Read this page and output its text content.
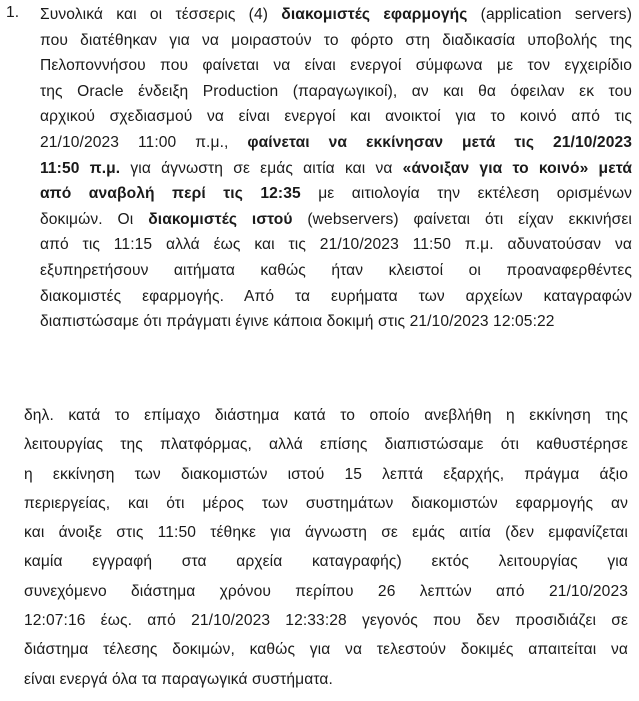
1. Συνολικά και οι τέσσερις (4) διακομιστές εφαρμογής (application servers)
που διατέθηκαν για να μοιραστούν το φόρτο στη διαδικασία υποβολής της
Πελοποννήσου που φαίνεται να είναι ενεργοί σύμφωνα με τον εγχειρίδιο
της Oracle ένδειξη Production (παραγωγικοί), αν και θα όφειλαν εκ του
αρχικού σχεδιασμού να είναι ενεργοί και ανοικτοί για το κοινό από τις
21/10/2023 11:00 π.μ., φαίνεται να εκκίνησαν μετά τις 21/10/2023
11:50 π.μ. για άγνωστη σε εμάς αιτία και να «άνοιξαν για το κοινό» μετά
από αναβολή περί τις 12:35 με αιτιολογία την εκτέλεση ορισμένων
δοκιμών. Οι διακομιστές ιστού (webservers) φαίνεται ότι είχαν εκκινήσει
από τις 11:15 αλλά έως και τις 21/10/2023 11:50 π.μ. αδυνατούσαν να
εξυπηρετήσουν αιτήματα καθώς ήταν κλειστοί οι προαναφερθέντες
διακομιστές εφαρμογής. Από τα ευρήματα των αρχείων καταγραφών
διαπιστώσαμε ότι πράγματι έγινε κάποια δοκιμή στις 21/10/2023 12:05:22
δηλ. κατά το επίμαχο διάστημα κατά το οποίο ανεβλήθη η εκκίνηση της
λειτουργίας της πλατφόρμας, αλλά επίσης διαπιστώσαμε ότι καθυστέρησε
η εκκίνηση των διακομιστών ιστού 15 λεπτά εξαρχής, πράγμα άξιο
περιεργείας, και ότι μέρος των συστημάτων διακομιστών εφαρμογής αν
και άνοιξε στις 11:50 τέθηκε για άγνωστη σε εμάς αιτία (δεν εμφανίζεται
καμία εγγραφή στα αρχεία καταγραφής) εκτός λειτουργίας για
συνεχόμενο διάστημα χρόνου περίπου 26 λεπτών από 21/10/2023
12:07:16 έως. από 21/10/2023 12:33:28 γεγονός που δεν προσιδιάζει σε
διάστημα τέλεσης δοκιμών, καθώς για να τελεστούν δοκιμές απαιτείται να
είναι ενεργά όλα τα παραγωγικά συστήματα.
